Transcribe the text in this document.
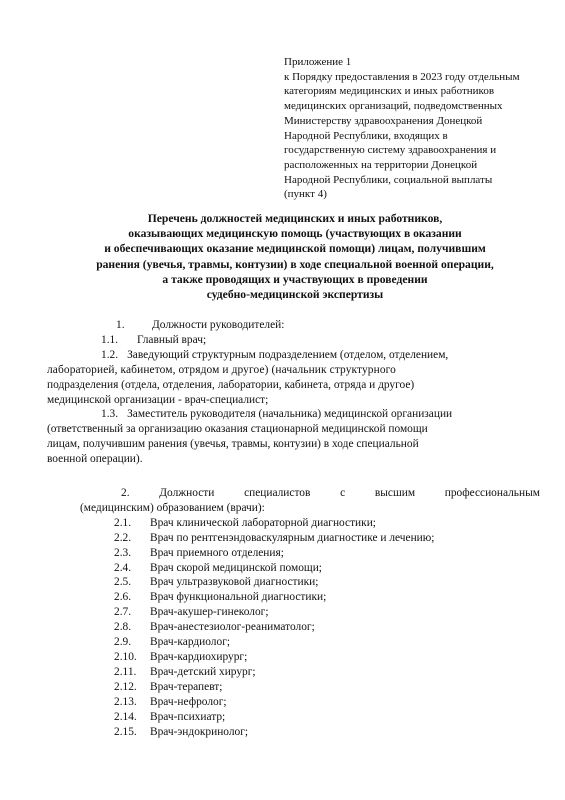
Приложение 1
к Порядку предоставления в 2023 году отдельным
категориям медицинских и иных работников
медицинских организаций, подведомственных
Министерству здравоохранения Донецкой
Народной Республики, входящих в
государственную систему здравоохранения и
расположенных на территории Донецкой
Народной Республики, социальной выплаты
(пункт 4)
Перечень должностей медицинских и иных работников,
оказывающих медицинскую помощь (участвующих в оказании
и обеспечивающих оказание медицинской помощи) лицам, получившим
ранения (увечья, травмы, контузии) в ходе специальной военной операции,
а также проводящих и участвующих в проведении
судебно-медицинской экспертизы
1.	Должности руководителей:
1.1.	Главный врач;
1.2. Заведующий структурным подразделением (отделом, отделением,
лабораторией, кабинетом, отрядом и другое) (начальник структурного
подразделения (отдела, отделения, лаборатории, кабинета, отряда и другое)
медицинской организации - врач-специалист;
1.3. Заместитель руководителя (начальника) медицинской организации
(ответственный за организацию оказания стационарной медицинской помощи
лицам, получившим ранения (увечья, травмы, контузии) в ходе специальной
военной операции).
2.	Должности	специалистов	с	высшим	профессиональным
(медицинским) образованием (врачи):
2.1.	Врач клинической лабораторной диагностики;
2.2.	Врач по рентгенэндоваскулярным диагностике и лечению;
2.3.	Врач приемного отделения;
2.4.	Врач скорой медицинской помощи;
2.5.	Врач ультразвуковой диагностики;
2.6.	Врач функциональной диагностики;
2.7.	Врач-акушер-гинеколог;
2.8.	Врач-анестезиолог-реаниматолог;
2.9.	Врач-кардиолог;
2.10.	Врач-кардиохирург;
2.11.	Врач-детский хирург;
2.12.	Врач-терапевт;
2.13.	Врач-нефролог;
2.14.	Врач-психиатр;
2.15.	Врач-эндокринолог;
